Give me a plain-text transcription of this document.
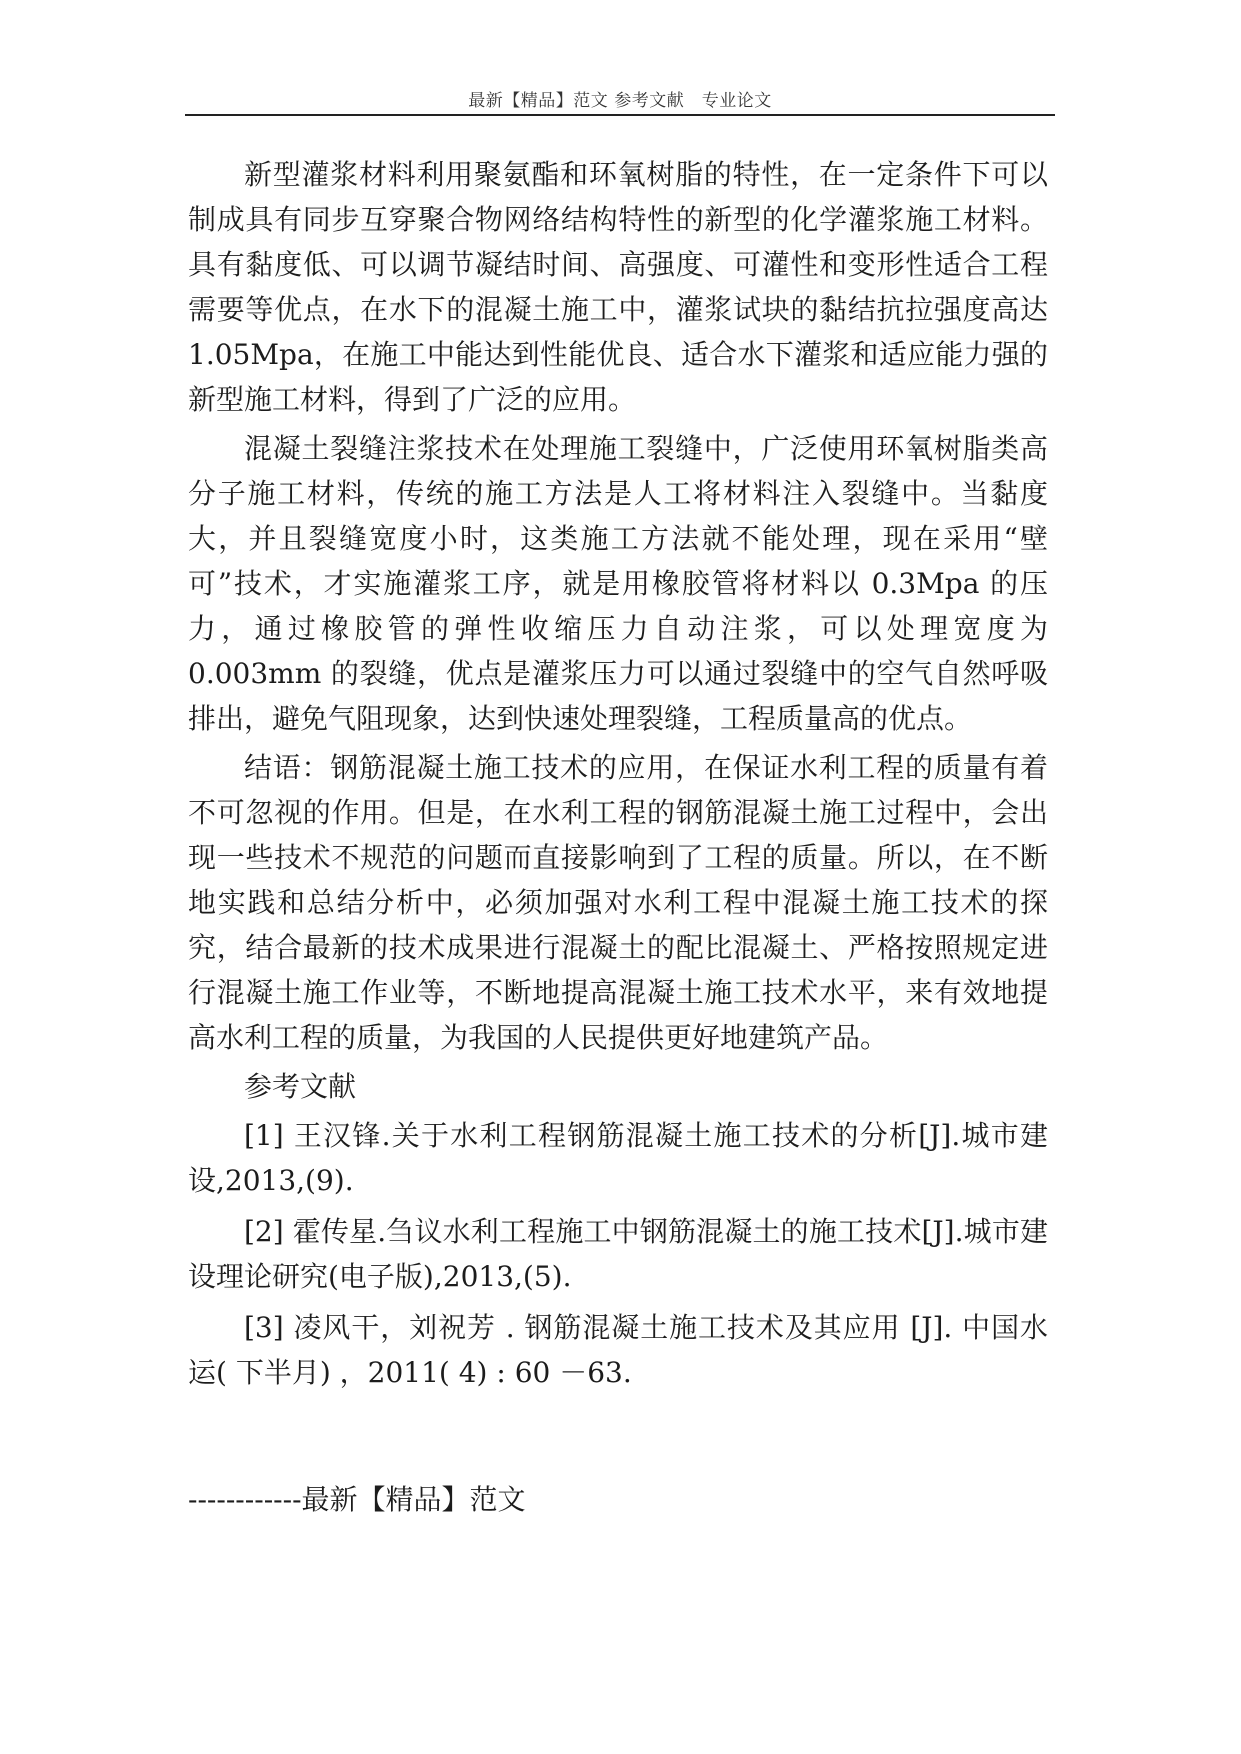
最新【精品】范文 参考文献　专业论文

新型灌浆材料利用聚氨酯和环氧树脂的特性，在一定条件下可以制成具有同步互穿聚合物网络结构特性的新型的化学灌浆施工材料。具有黏度低、可以调节凝结时间、高强度、可灌性和变形性适合工程需要等优点，在水下的混凝土施工中，灌浆试块的黏结抗拉强度高达1.05Mpa，在施工中能达到性能优良、适合水下灌浆和适应能力强的新型施工材料，得到了广泛的应用。

混凝土裂缝注浆技术在处理施工裂缝中，广泛使用环氧树脂类高分子施工材料，传统的施工方法是人工将材料注入裂缝中。当黏度大，并且裂缝宽度小时，这类施工方法就不能处理，现在采用“壁可”技术，才实施灌浆工序，就是用橡胶管将材料以 0.3Mpa 的压力，通过橡胶管的弹性收缩压力自动注浆，可以处理宽度为 0.003mm 的裂缝，优点是灌浆压力可以通过裂缝中的空气自然呼吸排出，避免气阻现象，达到快速处理裂缝，工程质量高的优点。

结语：钢筋混凝土施工技术的应用，在保证水利工程的质量有着不可忽视的作用。但是，在水利工程的钢筋混凝土施工过程中，会出现一些技术不规范的问题而直接影响到了工程的质量。所以，在不断地实践和总结分析中，必须加强对水利工程中混凝土施工技术的探究，结合最新的技术成果进行混凝土的配比混凝土、严格按照规定进行混凝土施工作业等，不断地提高混凝土施工技术水平，来有效地提高水利工程的质量，为我国的人民提供更好地建筑产品。

参考文献

[1] 王汉锋.关于水利工程钢筋混凝土施工技术的分析[J].城市建设,2013,(9).

[2] 霍传星.刍议水利工程施工中钢筋混凝土的施工技术[J].城市建设理论研究(电子版),2013,(5).

[3] 凌风干，刘祝芳 . 钢筋混凝土施工技术及其应用 [J]. 中国水运( 下半月) ，2011( 4) : 60 －63.

------------最新【精品】范文
